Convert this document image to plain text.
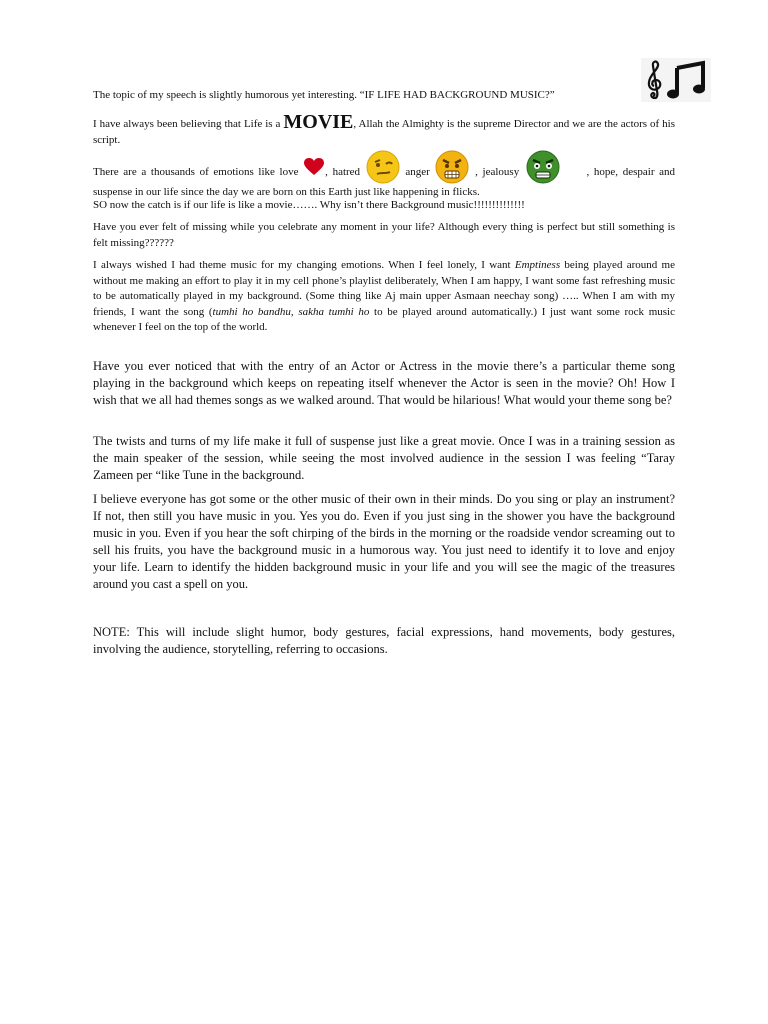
The topic of my speech is slightly humorous yet interesting. “IF LIFE HAD BACKGROUND MUSIC?”

I have always been believing that Life is a MOVIE, Allah the Almighty is the supreme Director and we are the actors of his script.

There are a thousands of emotions like love , hatred	anger	, jealousy	, hope, despair and suspense in our life since the day we are born on this Earth just like happening in flicks.

SO now the catch is if our life is like a movie……. Why isn’t there Background music!!!!!!!!!!!!!!

Have you ever felt of missing while you celebrate any moment in your life? Although every thing is perfect but still something is felt missing??????

I always wished I had theme music for my changing emotions. When I feel lonely, I want Emptiness being played around me without me making an effort to play it in my cell phone’s playlist deliberately, When I am happy, I want some fast refreshing music to be automatically played in my background. (Some thing like Aj main upper Asmaan neechay song) ….. When I am with my friends, I want the song (tumhi ho bandhu, sakha tumhi ho to be played around automatically.) I just want some rock music whenever I feel on the top of the world.

Have you ever noticed that with the entry of an Actor or Actress in the movie there’s a particular theme song playing in the background which keeps on repeating itself whenever the Actor is seen in the movie? Oh! How I wish that we all had themes songs as we walked around. That would be hilarious! What would your theme song be?

The twists and turns of my life make it full of suspense just like a great movie. Once I was in a training session as the main speaker of the session, while seeing the most involved audience in the session I was feeling “Taray Zameen per “like Tune in the background.

I believe everyone has got some or the other music of their own in their minds. Do you sing or play an instrument? If not, then still you have music in you. Yes you do. Even if you just sing in the shower you have the background music in you. Even if you hear the soft chirping of the birds in the morning or the roadside vendor screaming out to sell his fruits, you have the background music in a humorous way. You just need to identify it to love and enjoy your life. Learn to identify the hidden background music in your life and you will see the magic of the treasures around you cast a spell on you.

NOTE: This will include slight humor, body gestures, facial expressions, hand movements, body gestures, involving the audience, storytelling, referring to occasions.
